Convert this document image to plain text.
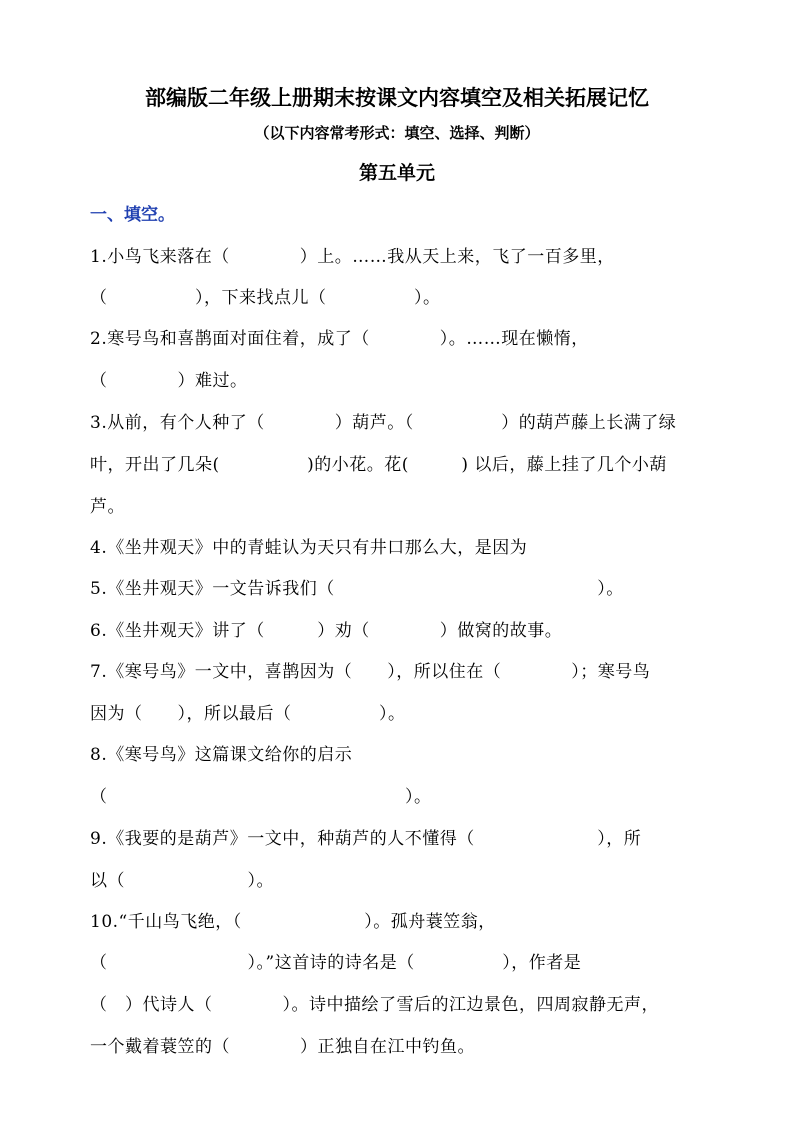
部编版二年级上册期末按课文内容填空及相关拓展记忆
（以下内容常考形式：填空、选择、判断）
第五单元
一、填空。
1.小鸟飞来落在（　　　　）上。……我从天上来，飞了一百多里，
（　　　　　），下来找点儿（　　　　　）。
2.寒号鸟和喜鹊面对面住着，成了（　　　　）。……现在懒惰，
（　　　　）难过。
3.从前，有个人种了（　　　　）葫芦。（　　　　　）的葫芦藤上长满了绿
叶，开出了几朵(　　　　　)的小花。花(　　　) 以后，藤上挂了几个小葫
芦。
4.《坐井观天》中的青蛙认为天只有井口那么大，是因为
5.《坐井观天》一文告诉我们（　　　　　　　　　　　　　　　）。
6.《坐井观天》讲了（　　　）劝（　　　　）做窝的故事。
7.《寒号鸟》一文中，喜鹊因为（　　），所以住在（　　　　）；寒号鸟
因为（　　），所以最后（　　　　　）。
8.《寒号鸟》这篇课文给你的启示
（　　　　　　　　　　　　　　　　　）。
9.《我要的是葫芦》一文中，种葫芦的人不懂得（　　　　　　　），所
以（　　　　　　　）。
10.“千山鸟飞绝，（　　　　　　　）。孤舟蓑笠翁，
（　　　　　　　　）。”这首诗的诗名是（　　　　　），作者是
（　）代诗人（　　　　）。诗中描绘了雪后的江边景色，四周寂静无声，
一个戴着蓑笠的（　　　　）正独自在江中钓鱼。
